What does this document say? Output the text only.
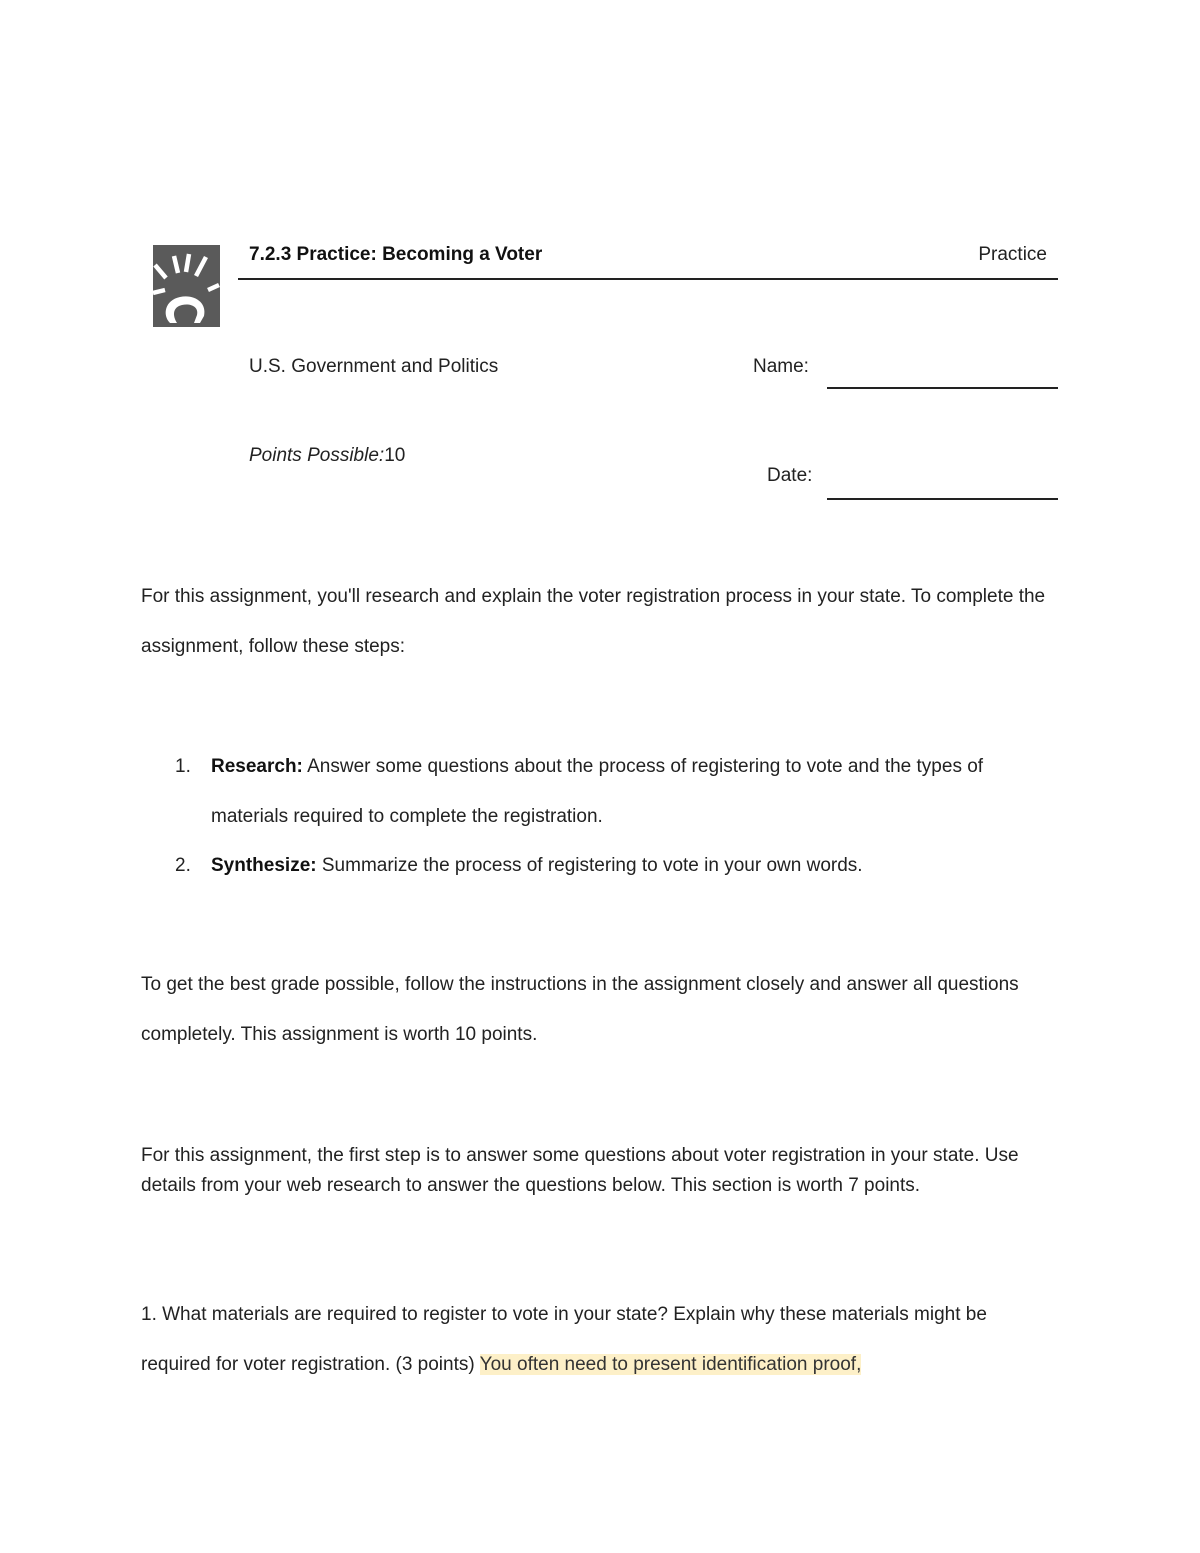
7.2.3 Practice: Becoming a Voter	Practice
U.S. Government and Politics	Name:
Points Possible:10
Date:

For this assignment, you'll research and explain the voter registration process in your state. To complete the assignment, follow these steps:

1. Research: Answer some questions about the process of registering to vote and the types of materials required to complete the registration.
2. Synthesize: Summarize the process of registering to vote in your own words.

To get the best grade possible, follow the instructions in the assignment closely and answer all questions completely. This assignment is worth 10 points.

For this assignment, the first step is to answer some questions about voter registration in your state. Use details from your web research to answer the questions below. This section is worth 7 points.

1. What materials are required to register to vote in your state? Explain why these materials might be required for voter registration. (3 points) You often need to present identification proof,
